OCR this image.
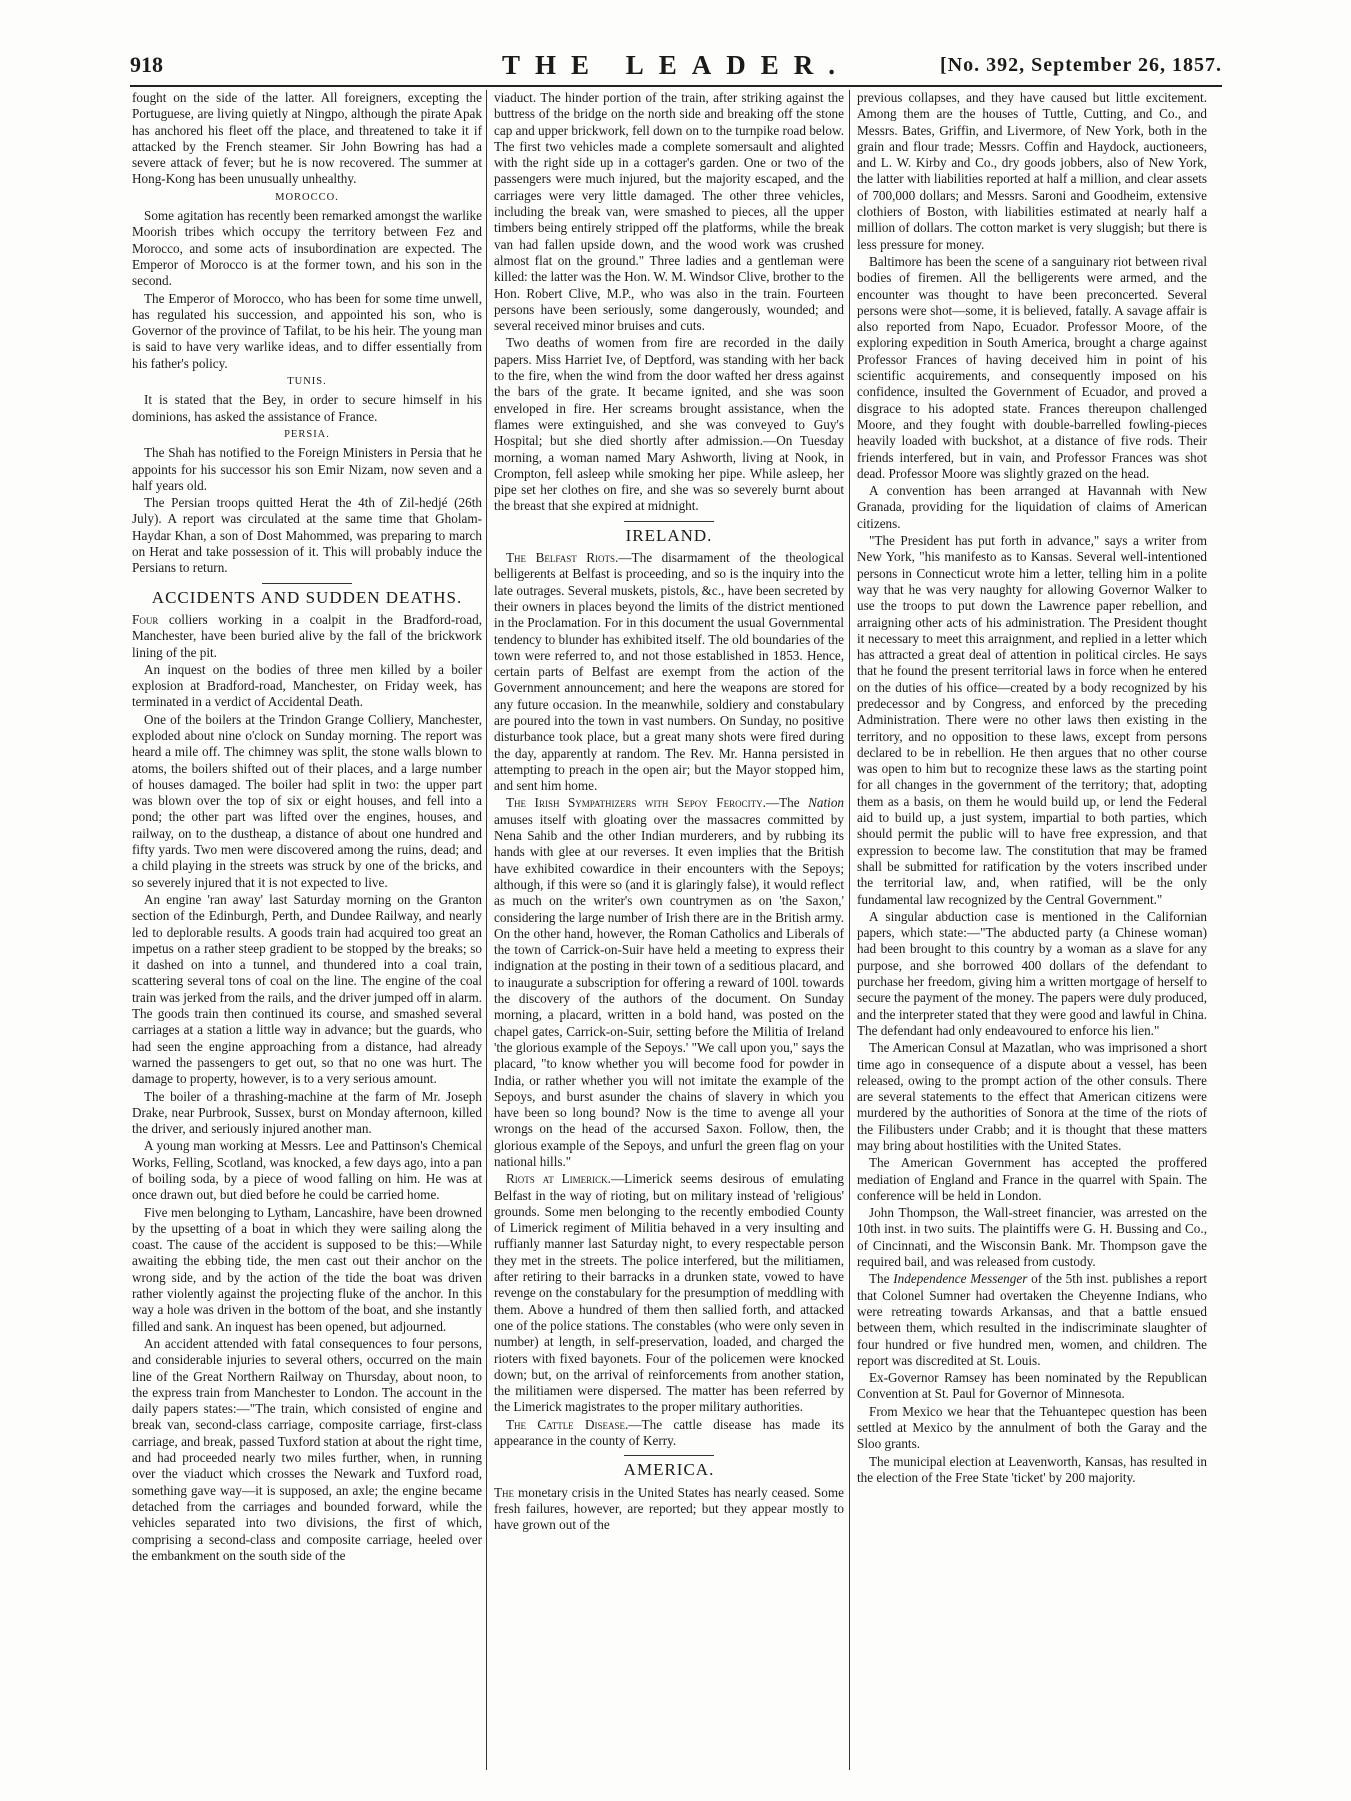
918	THE LEADER.	[No. 392, September 26, 1857.

fought on the side of the latter. All foreigners, excepting the Portuguese, are living quietly at Ningpo, although the pirate Apak has anchored his fleet off the place, and threatened to take it if attacked by the French steamer. Sir John Bowring has had a severe attack of fever; but he is now recovered. The summer at Hong-Kong has been unusually unhealthy.

MOROCCO.

Some agitation has recently been remarked amongst the warlike Moorish tribes which occupy the territory between Fez and Morocco, and some acts of insubordination are expected. The Emperor of Morocco is at the former town, and his son in the second.

The Emperor of Morocco, who has been for some time unwell, has regulated his succession, and appointed his son, who is Governor of the province of Tafilat, to be his heir. The young man is said to have very warlike ideas, and to differ essentially from his father's policy.

TUNIS.

It is stated that the Bey, in order to secure himself in his dominions, has asked the assistance of France.

PERSIA.

The Shah has notified to the Foreign Ministers in Persia that he appoints for his successor his son Emir Nizam, now seven and a half years old.

The Persian troops quitted Herat the 4th of Zil-hedjé (26th July). A report was circulated at the same time that Gholam-Haydar Khan, a son of Dost Mahommed, was preparing to march on Herat and take possession of it. This will probably induce the Persians to return.

ACCIDENTS AND SUDDEN DEATHS.

Four colliers working in a coalpit in the Bradford-road, Manchester, have been buried alive by the fall of the brickwork lining of the pit.

An inquest on the bodies of three men killed by a boiler explosion at Bradford-road, Manchester, on Friday week, has terminated in a verdict of Accidental Death.

One of the boilers at the Trindon Grange Colliery, Manchester, exploded about nine o'clock on Sunday morning. The report was heard a mile off. The chimney was split, the stone walls blown to atoms, the boilers shifted out of their places, and a large number of houses damaged. The boiler had split in two: the upper part was blown over the top of six or eight houses, and fell into a pond; the other part was lifted over the engines, houses, and railway, on to the dustheap, a distance of about one hundred and fifty yards. Two men were discovered among the ruins, dead; and a child playing in the streets was struck by one of the bricks, and so severely injured that it is not expected to live.

An engine 'ran away' last Saturday morning on the Granton section of the Edinburgh, Perth, and Dundee Railway, and nearly led to deplorable results. A goods train had acquired too great an impetus on a rather steep gradient to be stopped by the breaks; so it dashed on into a tunnel, and thundered into a coal train, scattering several tons of coal on the line. The engine of the coal train was jerked from the rails, and the driver jumped off in alarm. The goods train then continued its course, and smashed several carriages at a station a little way in advance; but the guards, who had seen the engine approaching from a distance, had already warned the passengers to get out, so that no one was hurt. The damage to property, however, is to a very serious amount.

The boiler of a thrashing-machine at the farm of Mr. Joseph Drake, near Purbrook, Sussex, burst on Monday afternoon, killed the driver, and seriously injured another man.

A young man working at Messrs. Lee and Pattinson's Chemical Works, Felling, Scotland, was knocked, a few days ago, into a pan of boiling soda, by a piece of wood falling on him. He was at once drawn out, but died before he could be carried home.

Five men belonging to Lytham, Lancashire, have been drowned by the upsetting of a boat in which they were sailing along the coast. The cause of the accident is supposed to be this:—While awaiting the ebbing tide, the men cast out their anchor on the wrong side, and by the action of the tide the boat was driven rather violently against the projecting fluke of the anchor. In this way a hole was driven in the bottom of the boat, and she instantly filled and sank. An inquest has been opened, but adjourned.

An accident attended with fatal consequences to four persons, and considerable injuries to several others, occurred on the main line of the Great Northern Railway on Thursday, about noon, to the express train from Manchester to London. The account in the daily papers states:—"The train, which consisted of engine and break van, second-class carriage, composite carriage, first-class carriage, and break, passed Tuxford station at about the right time, and had proceeded nearly two miles further, when, in running over the viaduct which crosses the Newark and Tuxford road, something gave way—it is supposed, an axle; the engine became detached from the carriages and bounded forward, while the vehicles separated into two divisions, the first of which, comprising a second-class and composite carriage, heeled over the embankment on the south side of the

viaduct. The hinder portion of the train, after striking against the buttress of the bridge on the north side and breaking off the stone cap and upper brickwork, fell down on to the turnpike road below. The first two vehicles made a complete somersault and alighted with the right side up in a cottager's garden. One or two of the passengers were much injured, but the majority escaped, and the carriages were very little damaged. The other three vehicles, including the break van, were smashed to pieces, all the upper timbers being entirely stripped off the platforms, while the break van had fallen upside down, and the wood work was crushed almost flat on the ground." Three ladies and a gentleman were killed: the latter was the Hon. W. M. Windsor Clive, brother to the Hon. Robert Clive, M.P., who was also in the train. Fourteen persons have been seriously, some dangerously, wounded; and several received minor bruises and cuts.

Two deaths of women from fire are recorded in the daily papers. Miss Harriet Ive, of Deptford, was standing with her back to the fire, when the wind from the door wafted her dress against the bars of the grate. It became ignited, and she was soon enveloped in fire. Her screams brought assistance, when the flames were extinguished, and she was conveyed to Guy's Hospital; but she died shortly after admission.—On Tuesday morning, a woman named Mary Ashworth, living at Nook, in Crompton, fell asleep while smoking her pipe. While asleep, her pipe set her clothes on fire, and she was so severely burnt about the breast that she expired at midnight.

IRELAND.

The Belfast Riots.—The disarmament of the theological belligerents at Belfast is proceeding, and so is the inquiry into the late outrages. Several muskets, pistols, &c., have been secreted by their owners in places beyond the limits of the district mentioned in the Proclamation. For in this document the usual Governmental tendency to blunder has exhibited itself. The old boundaries of the town were referred to, and not those established in 1853. Hence, certain parts of Belfast are exempt from the action of the Government announcement; and here the weapons are stored for any future occasion. In the meanwhile, soldiery and constabulary are poured into the town in vast numbers. On Sunday, no positive disturbance took place, but a great many shots were fired during the day, apparently at random. The Rev. Mr. Hanna persisted in attempting to preach in the open air; but the Mayor stopped him, and sent him home.

The Irish Sympathizers with Sepoy Ferocity.—The Nation amuses itself with gloating over the massacres committed by Nena Sahib and the other Indian murderers, and by rubbing its hands with glee at our reverses. It even implies that the British have exhibited cowardice in their encounters with the Sepoys; although, if this were so (and it is glaringly false), it would reflect as much on the writer's own countrymen as on 'the Saxon,' considering the large number of Irish there are in the British army. On the other hand, however, the Roman Catholics and Liberals of the town of Carrick-on-Suir have held a meeting to express their indignation at the posting in their town of a seditious placard, and to inaugurate a subscription for offering a reward of 100l. towards the discovery of the authors of the document. On Sunday morning, a placard, written in a bold hand, was posted on the chapel gates, Carrick-on-Suir, setting before the Militia of Ireland 'the glorious example of the Sepoys.' "We call upon you," says the placard, "to know whether you will become food for powder in India, or rather whether you will not imitate the example of the Sepoys, and burst asunder the chains of slavery in which you have been so long bound? Now is the time to avenge all your wrongs on the head of the accursed Saxon. Follow, then, the glorious example of the Sepoys, and unfurl the green flag on your national hills."

Riots at Limerick.—Limerick seems desirous of emulating Belfast in the way of rioting, but on military instead of 'religious' grounds. Some men belonging to the recently embodied County of Limerick regiment of Militia behaved in a very insulting and ruffianly manner last Saturday night, to every respectable person they met in the streets. The police interfered, but the militiamen, after retiring to their barracks in a drunken state, vowed to have revenge on the constabulary for the presumption of meddling with them. Above a hundred of them then sallied forth, and attacked one of the police stations. The constables (who were only seven in number) at length, in self-preservation, loaded, and charged the rioters with fixed bayonets. Four of the policemen were knocked down; but, on the arrival of reinforcements from another station, the militiamen were dispersed. The matter has been referred by the Limerick magistrates to the proper military authorities.

The Cattle Disease.—The cattle disease has made its appearance in the county of Kerry.

AMERICA.

The monetary crisis in the United States has nearly ceased. Some fresh failures, however, are reported; but they appear mostly to have grown out of the

previous collapses, and they have caused but little excitement. Among them are the houses of Tuttle, Cutting, and Co., and Messrs. Bates, Griffin, and Livermore, of New York, both in the grain and flour trade; Messrs. Coffin and Haydock, auctioneers, and L. W. Kirby and Co., dry goods jobbers, also of New York, the latter with liabilities reported at half a million, and clear assets of 700,000 dollars; and Messrs. Saroni and Goodheim, extensive clothiers of Boston, with liabilities estimated at nearly half a million of dollars. The cotton market is very sluggish; but there is less pressure for money.

Baltimore has been the scene of a sanguinary riot between rival bodies of firemen. All the belligerents were armed, and the encounter was thought to have been preconcerted. Several persons were shot—some, it is believed, fatally. A savage affair is also reported from Napo, Ecuador. Professor Moore, of the exploring expedition in South America, brought a charge against Professor Frances of having deceived him in point of his scientific acquirements, and consequently imposed on his confidence, insulted the Government of Ecuador, and proved a disgrace to his adopted state. Frances thereupon challenged Moore, and they fought with double-barrelled fowling-pieces heavily loaded with buckshot, at a distance of five rods. Their friends interfered, but in vain, and Professor Frances was shot dead. Professor Moore was slightly grazed on the head.

A convention has been arranged at Havannah with New Granada, providing for the liquidation of claims of American citizens.

"The President has put forth in advance," says a writer from New York, "his manifesto as to Kansas. Several well-intentioned persons in Connecticut wrote him a letter, telling him in a polite way that he was very naughty for allowing Governor Walker to use the troops to put down the Lawrence paper rebellion, and arraigning other acts of his administration. The President thought it necessary to meet this arraignment, and replied in a letter which has attracted a great deal of attention in political circles. He says that he found the present territorial laws in force when he entered on the duties of his office—created by a body recognized by his predecessor and by Congress, and enforced by the preceding Administration. There were no other laws then existing in the territory, and no opposition to these laws, except from persons declared to be in rebellion. He then argues that no other course was open to him but to recognize these laws as the starting point for all changes in the government of the territory; that, adopting them as a basis, on them he would build up, or lend the Federal aid to build up, a just system, impartial to both parties, which should permit the public will to have free expression, and that expression to become law. The constitution that may be framed shall be submitted for ratification by the voters inscribed under the territorial law, and, when ratified, will be the only fundamental law recognized by the Central Government."

A singular abduction case is mentioned in the Californian papers, which state:—"The abducted party (a Chinese woman) had been brought to this country by a woman as a slave for any purpose, and she borrowed 400 dollars of the defendant to purchase her freedom, giving him a written mortgage of herself to secure the payment of the money. The papers were duly produced, and the interpreter stated that they were good and lawful in China. The defendant had only endeavoured to enforce his lien."

The American Consul at Mazatlan, who was imprisoned a short time ago in consequence of a dispute about a vessel, has been released, owing to the prompt action of the other consuls. There are several statements to the effect that American citizens were murdered by the authorities of Sonora at the time of the riots of the Filibusters under Crabb; and it is thought that these matters may bring about hostilities with the United States.

The American Government has accepted the proffered mediation of England and France in the quarrel with Spain. The conference will be held in London.

John Thompson, the Wall-street financier, was arrested on the 10th inst. in two suits. The plaintiffs were G. H. Bussing and Co., of Cincinnati, and the Wisconsin Bank. Mr. Thompson gave the required bail, and was released from custody.

The Independence Messenger of the 5th inst. publishes a report that Colonel Sumner had overtaken the Cheyenne Indians, who were retreating towards Arkansas, and that a battle ensued between them, which resulted in the indiscriminate slaughter of four hundred or five hundred men, women, and children. The report was discredited at St. Louis.

Ex-Governor Ramsey has been nominated by the Republican Convention at St. Paul for Governor of Minnesota.

From Mexico we hear that the Tehuantepec question has been settled at Mexico by the annulment of both the Garay and the Sloo grants.

The municipal election at Leavenworth, Kansas, has resulted in the election of the Free State 'ticket' by 200 majority.
